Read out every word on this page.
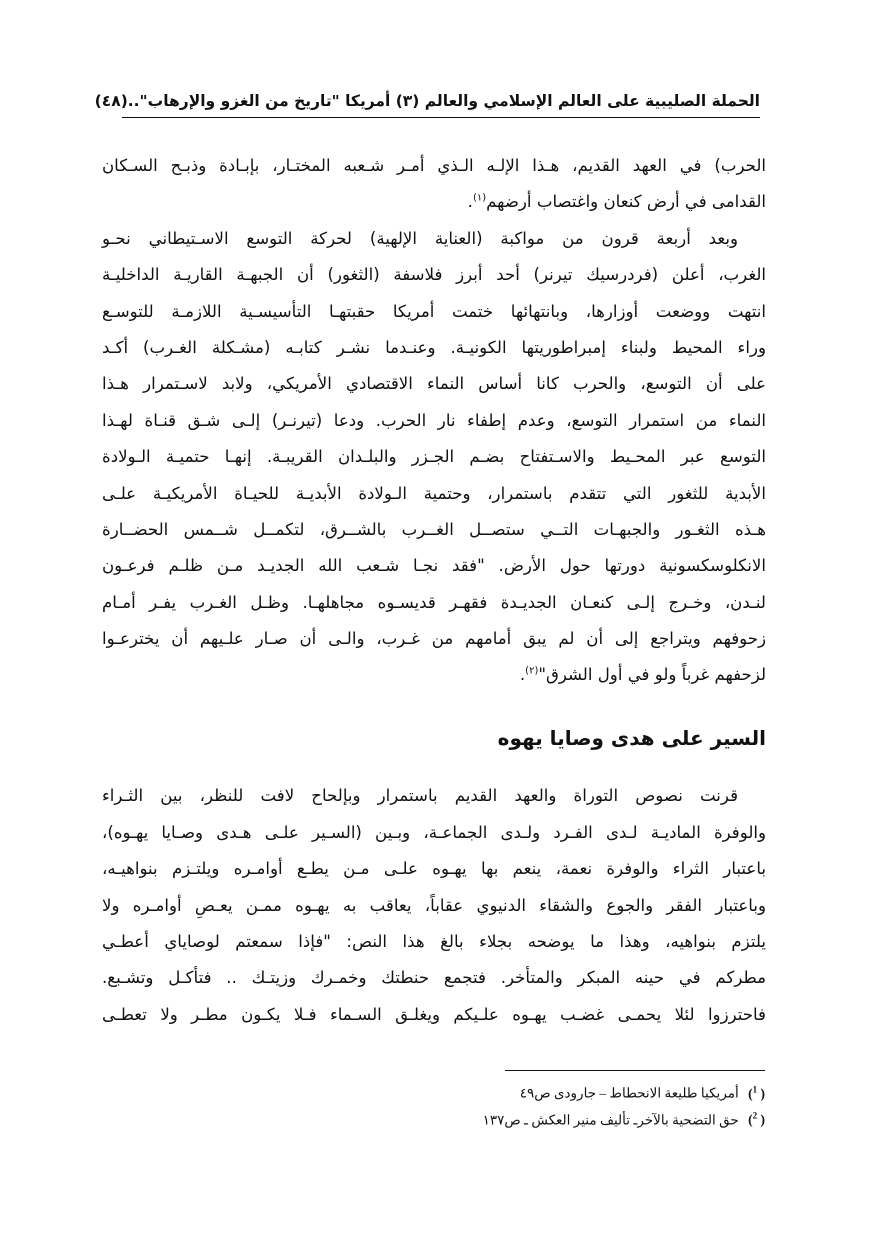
الحملة الصليبية على العالم الإسلامي والعالم (٣) أمريكا "تاريخ من الغزو والإرهاب"..
(٤٨)
الحرب) في العهد القديم، هـذا الإلـه الـذي أمـر شـعبه المختـار، بإبـادة وذبـح السـكان
القدامى في أرض كنعان واغتصاب أرضهم$^{(١)}$.
وبعد أربعة قرون من مواكبة (العناية الإلهية) لحركة التوسع الاسـتيطاني نحـو
الغرب، أعلن (فردرسيك تيرنر) أحد أبرز فلاسفة (الثغور) أن الجبهـة القاريـة الداخليـة
انتهت ووضعت أوزارها، وبانتهائها ختمت أمريكا حقبتهـا التأسيسـية اللازمـة للتوسـع
وراء المحيط ولبناء إمبراطوريتها الكونيـة. وعنـدما نشـر كتابـه (مشـكلة الغـرب) أكـد
على أن التوسع، والحرب كانا أساس النماء الاقتصادي الأمريكي، ولابد لاسـتمرار هـذا
النماء من استمرار التوسع، وعدم إطفاء نار الحرب. ودعا (تيرنـر) إلـى شـق قنـاة لهـذا
التوسع عبر المحـيط والاسـتفتاح بضـم الجـزر والبلـدان القريبـة. إنهـا حتميـة الـولادة
الأبدية للثغور التي تتقدم باستمرار، وحتمية الـولادة الأبديـة للحيـاة الأمريكيـة علـى
هـذه الثغـور والجبهـات التــي ستصــل الغــرب بالشــرق، لتكمــل شــمس الحضــارة
الانكلوسكسونية دورتها حول الأرض. "فقد نجـا شـعب الله الجديـد مـن ظلـم فرعـون
لنـدن، وخـرج إلـى كنعـان الجديـدة فقهـر قديسـوه مجاهلهـا. وظـل الغـرب يفـر أمـام
زحوفهم ويتراجع إلى أن لم يبق أمامهم من غـرب، والـى أن صـار علـيهم أن يخترعـوا
لزحفهم غرباً ولو في أول الشرق"$^{(٢)}$.
السير على هدى وصايا يهوه
قرنت نصوص التوراة والعهد القديم باستمرار وبإلحاح لافت للنظر، بين الثـراء
والوفرة الماديـة لـدى الفـرد ولـدى الجماعـة، وبـين (السـير علـى هـدى وصـايا يهـوه)،
باعتبار الثراء والوفرة نعمة، ينعم بها يهـوه علـى مـن يطـع أوامـره ويلتـزم بنواهيـه،
وباعتبار الفقر والجوع والشقاء الدنيوي عقاباً، يعاقب به يهـوه ممـن يعـصِ أوامـره ولا
يلتزم بنواهيه، وهذا ما يوضحه بجلاء بالغ هذا النص: "فإذا سمعتم لوصاياي أعطـي
مطركم في حينه المبكر والمتأخر. فتجمع حنطتك وخمـرك وزيتـك .. فتأكـل وتشـبع.
فاحترزوا لئلا يحمـى غضـب يهـوه علـيكم ويغلـق السـماء فـلا يكـون مطـر ولا تعطـى
( $^1$) أمريكيا طليعة الانحطاط – جارودى ص٤٩
( $^2$) حق التضحية بالآخرـ تأليف منير العكش ـ ص١٣٧
